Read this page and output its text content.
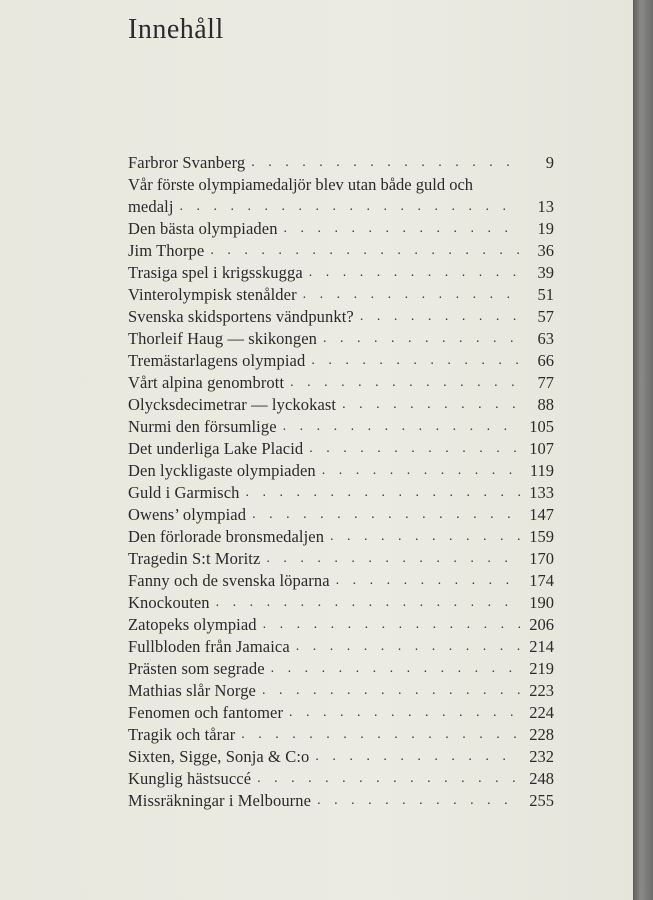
Innehåll
Farbror Svanberg . . .	9
Vår förste olympiamedaljör blev utan både guld och
medalj . . .	13
Den bästa olympiaden . . .	19
Jim Thorpe . . .	36
Trasiga spel i krigsskugga . . .	39
Vinterolympisk stenålder . . .	51
Svenska skidsportens vändpunkt? . . .	57
Thorleif Haug — skikongen . . .	63
Tremästarlagens olympiad . . .	66
Vårt alpina genombrott . . .	77
Olycksdecimetrar — lyckokast . . .	88
Nurmi den försumlige . . .	105
Det underliga Lake Placid . . .	107
Den lyckligaste olympiaden . . .	119
Guld i Garmisch . . .	133
Owens’ olympiad . . .	147
Den förlorade bronsmedaljen . . .	159
Tragedin S:t Moritz . . .	170
Fanny och de svenska löparna . . .	174
Knockouten . . .	190
Zatopeks olympiad . . .	206
Fullbloden från Jamaica . . .	214
Prästen som segrade . . .	219
Mathias slår Norge . . .	223
Fenomen och fantomer . . .	224
Tragik och tårar . . .	228
Sixten, Sigge, Sonja & C:o . . .	232
Kunglig hästsuccé . . .	248
Missräkningar i Melbourne . . .	255
